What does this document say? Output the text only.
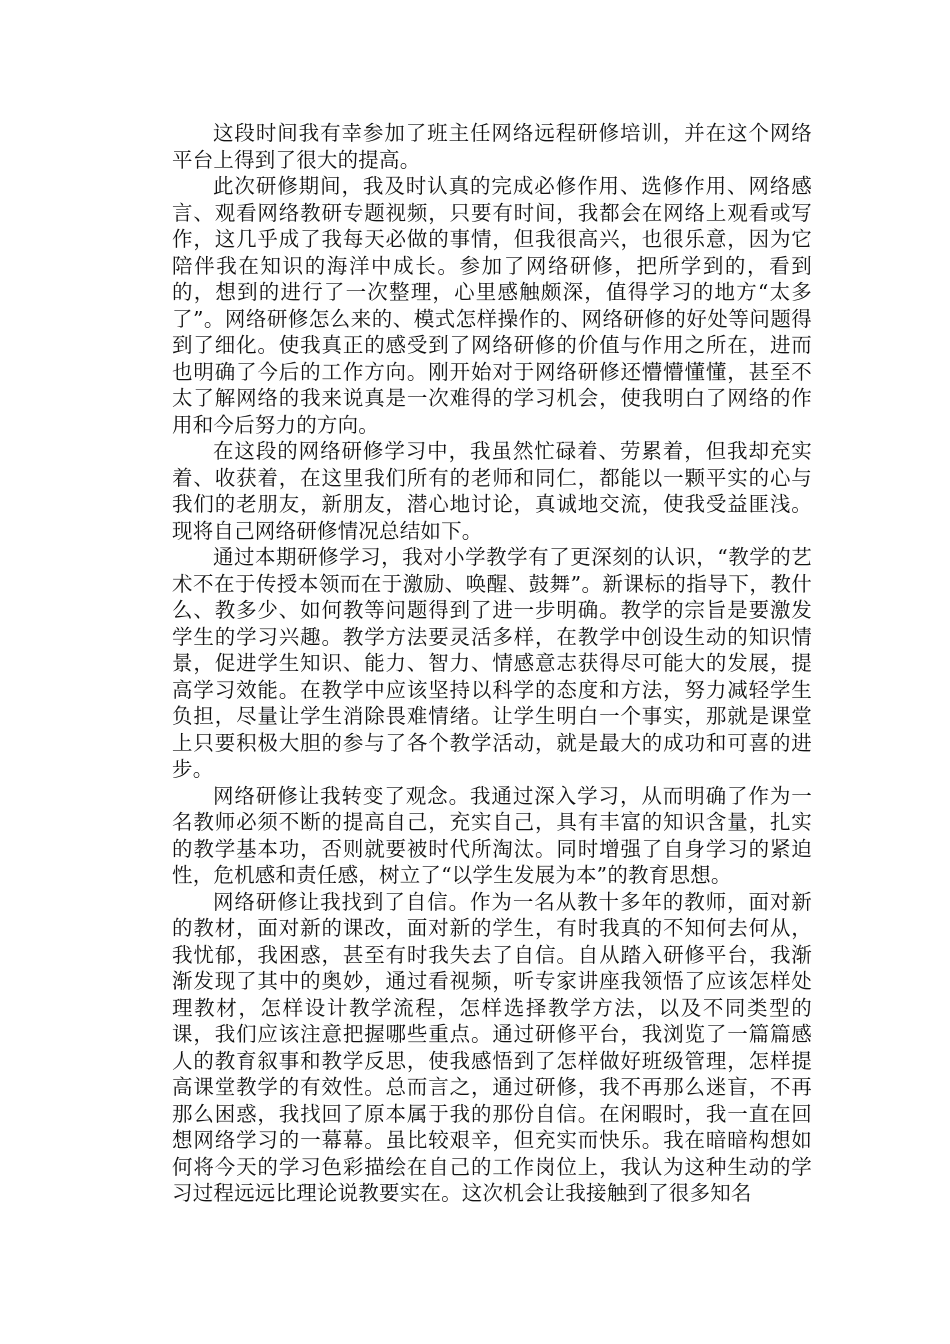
这段时间我有幸参加了班主任网络远程研修培训，并在这个网络平台上得到了很大的提高。

此次研修期间，我及时认真的完成必修作用、选修作用、网络感言、观看网络教研专题视频，只要有时间，我都会在网络上观看或写作，这几乎成了我每天必做的事情，但我很高兴，也很乐意，因为它陪伴我在知识的海洋中成长。参加了网络研修，把所学到的，看到的，想到的进行了一次整理，心里感触颇深，值得学习的地方“太多了”。网络研修怎么来的、模式怎样操作的、网络研修的好处等问题得到了细化。使我真正的感受到了网络研修的价值与作用之所在，进而也明确了今后的工作方向。刚开始对于网络研修还懵懵懂懂，甚至不太了解网络的我来说真是一次难得的学习机会，使我明白了网络的作用和今后努力的方向。

在这段的网络研修学习中，我虽然忙碌着、劳累着，但我却充实着、收获着，在这里我们所有的老师和同仁，都能以一颗平实的心与我们的老朋友，新朋友，潜心地讨论，真诚地交流，使我受益匪浅。现将自己网络研修情况总结如下。

通过本期研修学习，我对小学教学有了更深刻的认识，“教学的艺术不在于传授本领而在于激励、唤醒、鼓舞”。新课标的指导下，教什么、教多少、如何教等问题得到了进一步明确。教学的宗旨是要激发学生的学习兴趣。教学方法要灵活多样，在教学中创设生动的知识情景，促进学生知识、能力、智力、情感意志获得尽可能大的发展，提高学习效能。在教学中应该坚持以科学的态度和方法，努力减轻学生负担，尽量让学生消除畏难情绪。让学生明白一个事实，那就是课堂上只要积极大胆的参与了各个教学活动，就是最大的成功和可喜的进步。

网络研修让我转变了观念。我通过深入学习，从而明确了作为一名教师必须不断的提高自己，充实自己，具有丰富的知识含量，扎实的教学基本功，否则就要被时代所淘汰。同时增强了自身学习的紧迫性，危机感和责任感，树立了“以学生发展为本”的教育思想。

网络研修让我找到了自信。作为一名从教十多年的教师，面对新的教材，面对新的课改，面对新的学生，有时我真的不知何去何从，我忧郁，我困惑，甚至有时我失去了自信。自从踏入研修平台，我渐渐发现了其中的奥妙，通过看视频，听专家讲座我领悟了应该怎样处理教材，怎样设计教学流程，怎样选择教学方法，以及不同类型的课，我们应该注意把握哪些重点。通过研修平台，我浏览了一篇篇感人的教育叙事和教学反思，使我感悟到了怎样做好班级管理，怎样提高课堂教学的有效性。总而言之，通过研修，我不再那么迷盲，不再那么困惑，我找回了原本属于我的那份自信。在闲暇时，我一直在回想网络学习的一幕幕。虽比较艰辛，但充实而快乐。我在暗暗构想如何将今天的学习色彩描绘在自己的工作岗位上，我认为这种生动的学习过程远远比理论说教要实在。这次机会让我接触到了很多知名
